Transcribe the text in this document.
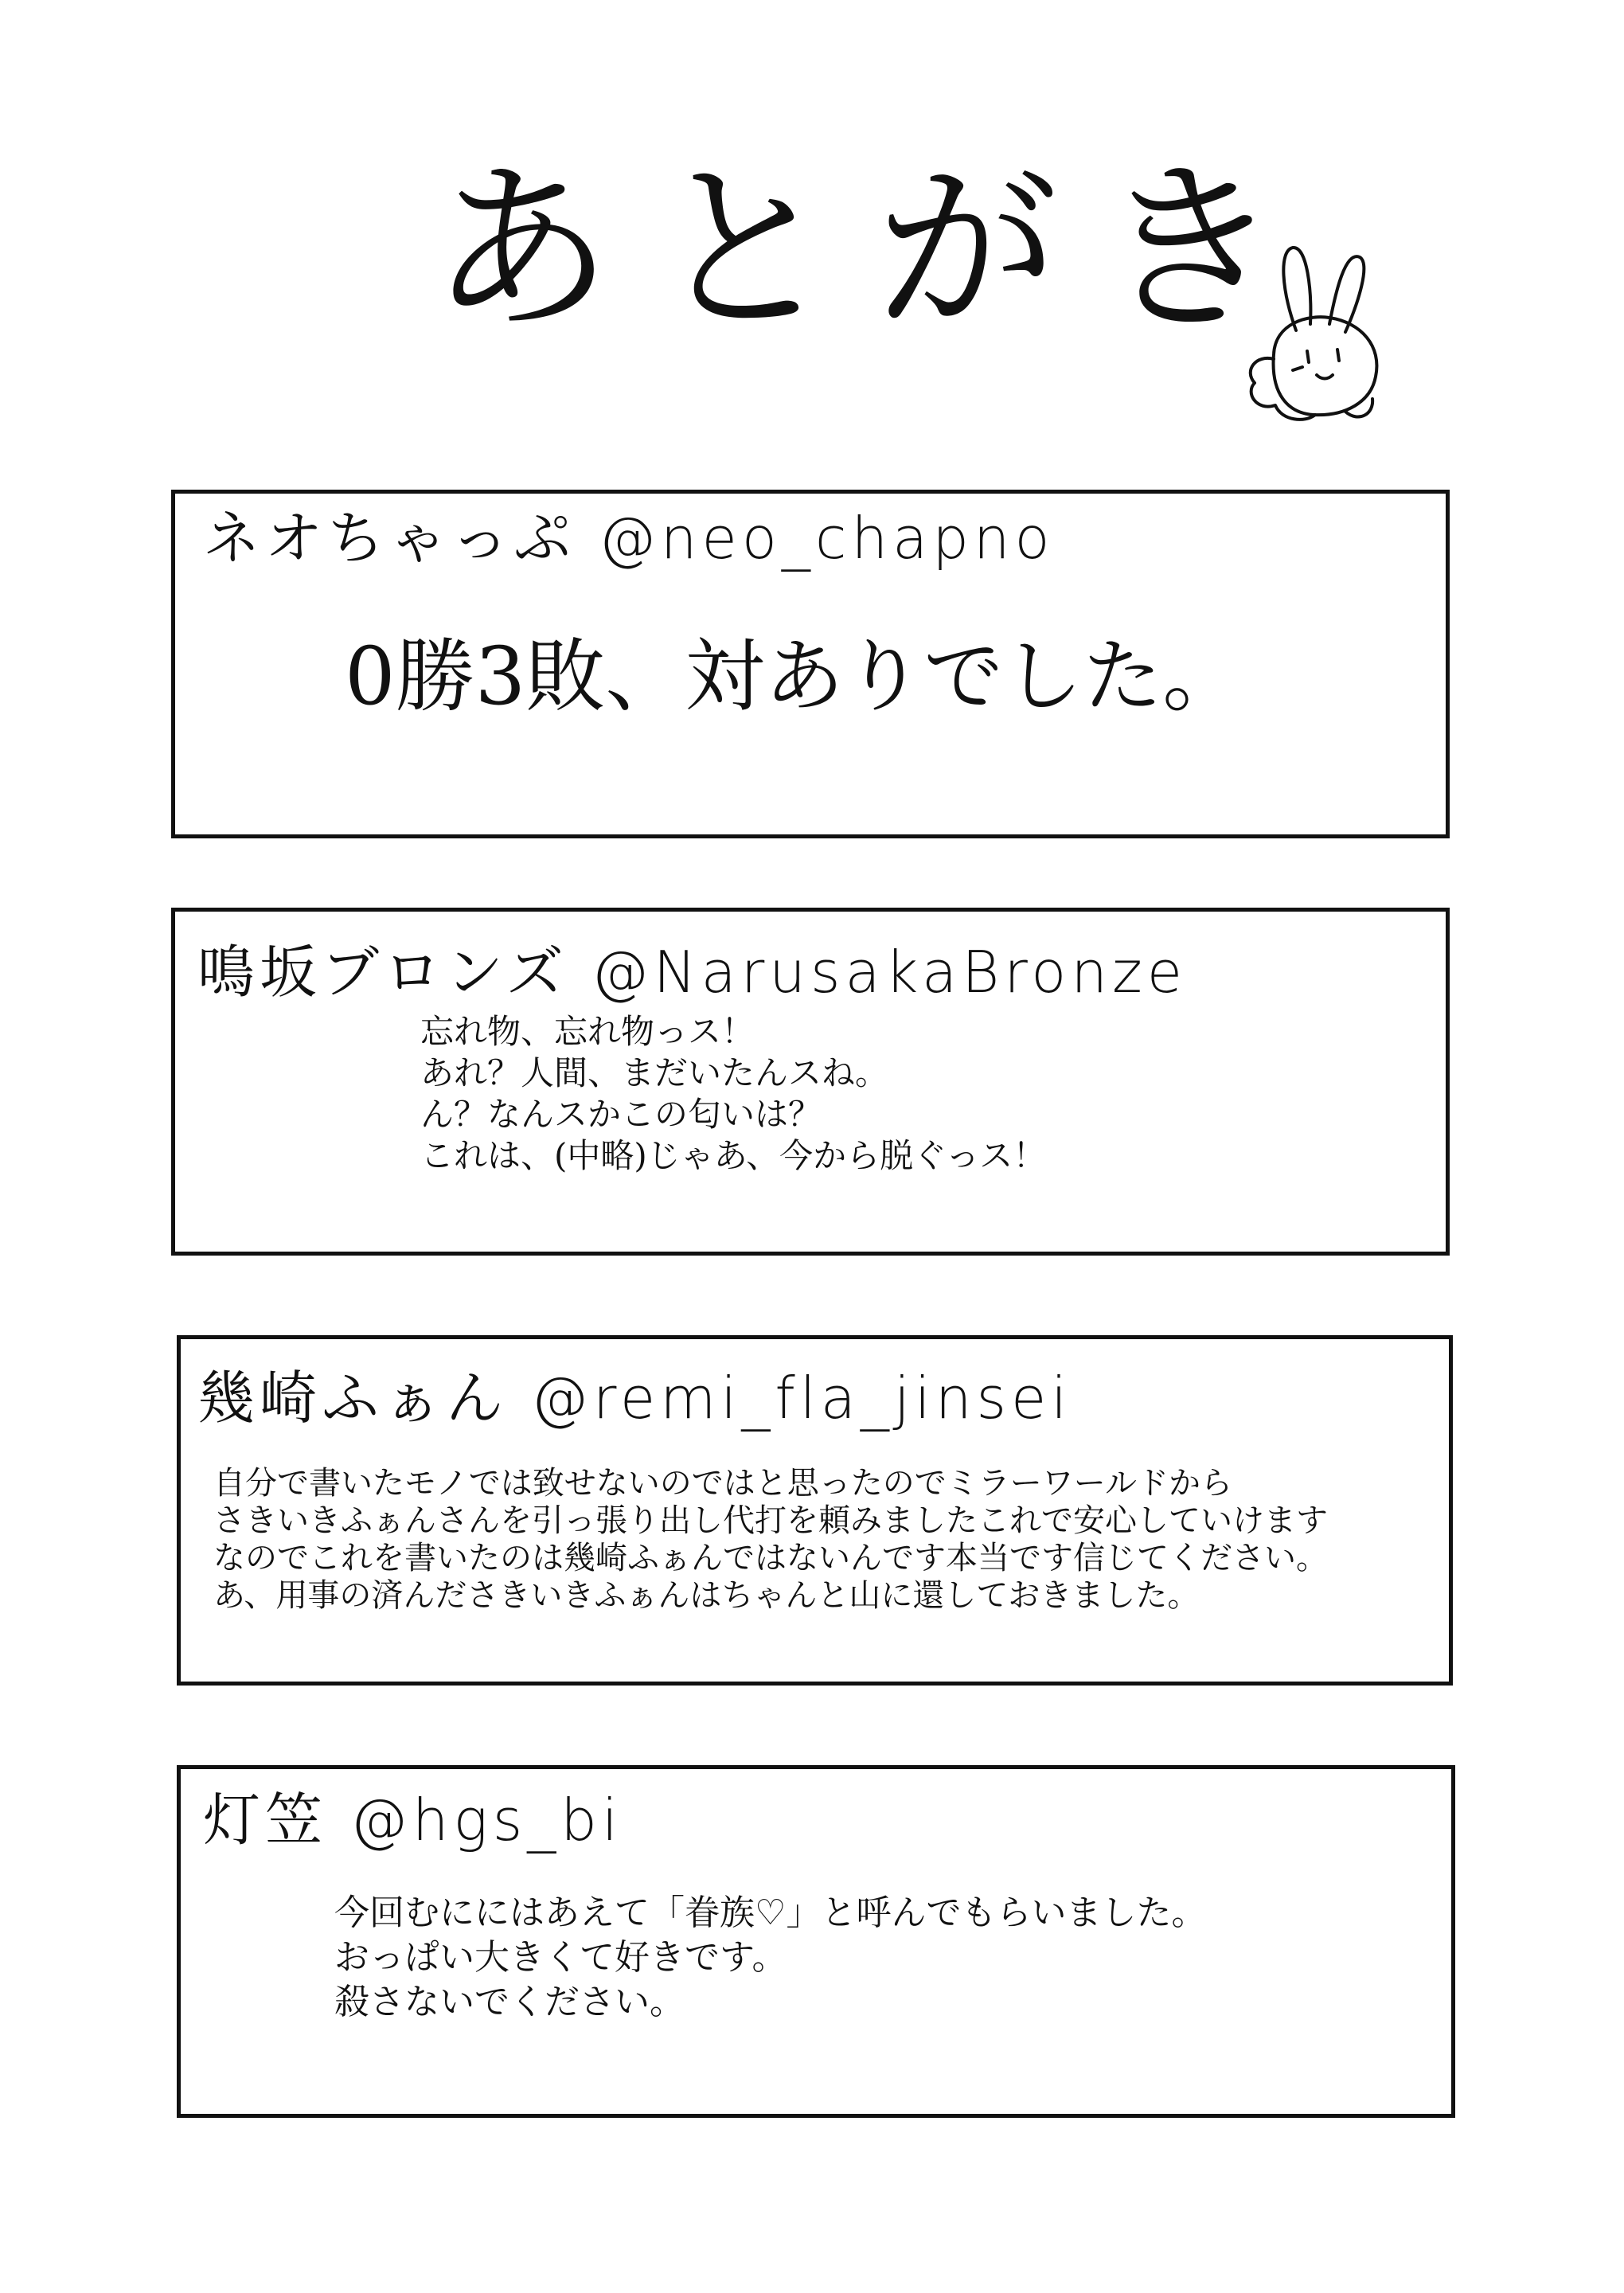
あとがき
ネオちゃっぷ @neo_chapno
0勝3敗、対ありでした。
鳴坂ブロンズ @NarusakaBronze
忘れ物、忘れ物っス！
あれ？人間、まだいたんスね。
ん？なんスかこの匂いは？
これは、(中略)じゃあ、今から脱ぐっス！
幾崎ふぁん @remi_fla_jinsei
自分で書いたモノでは致せないのではと思ったのでミラーワールドから
さきいきふぁんさんを引っ張り出し代打を頼みましたこれで安心していけます
なのでこれを書いたのは幾崎ふぁんではないんです本当です信じてください。
あ、用事の済んださきいきふぁんはちゃんと山に還しておきました。
灯笠 @hgs_bi
今回むににはあえて「眷族♡」と呼んでもらいました。
おっぱい大きくて好きです。
殺さないでください。
